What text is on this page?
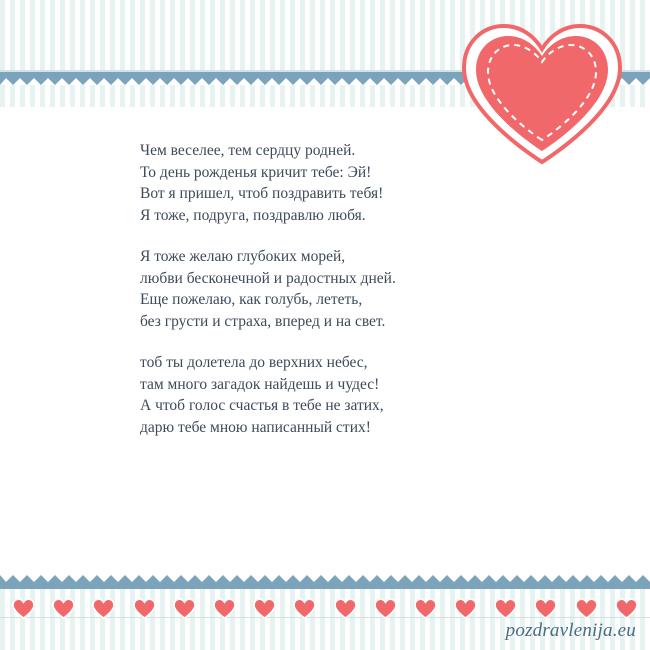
Чем веселее, тем сердцу родней.

То день рожденья кричит тебе: Эй!

Вот я пришел, чтоб поздравить тебя!

Я тоже, подруга, поздравлю любя.

Я тоже желаю глубоких морей,

любви бесконечной и радостных дней.

Еще пожелаю, как голубь, лететь,

без грусти и страха, вперед и на свет.

тоб ты долетела до верхних небес,

там много загадок найдешь и чудес!

А чтоб голос счастья в тебе не затих,

дарю тебе мною написанный стих!

pozdravlenija.eu
